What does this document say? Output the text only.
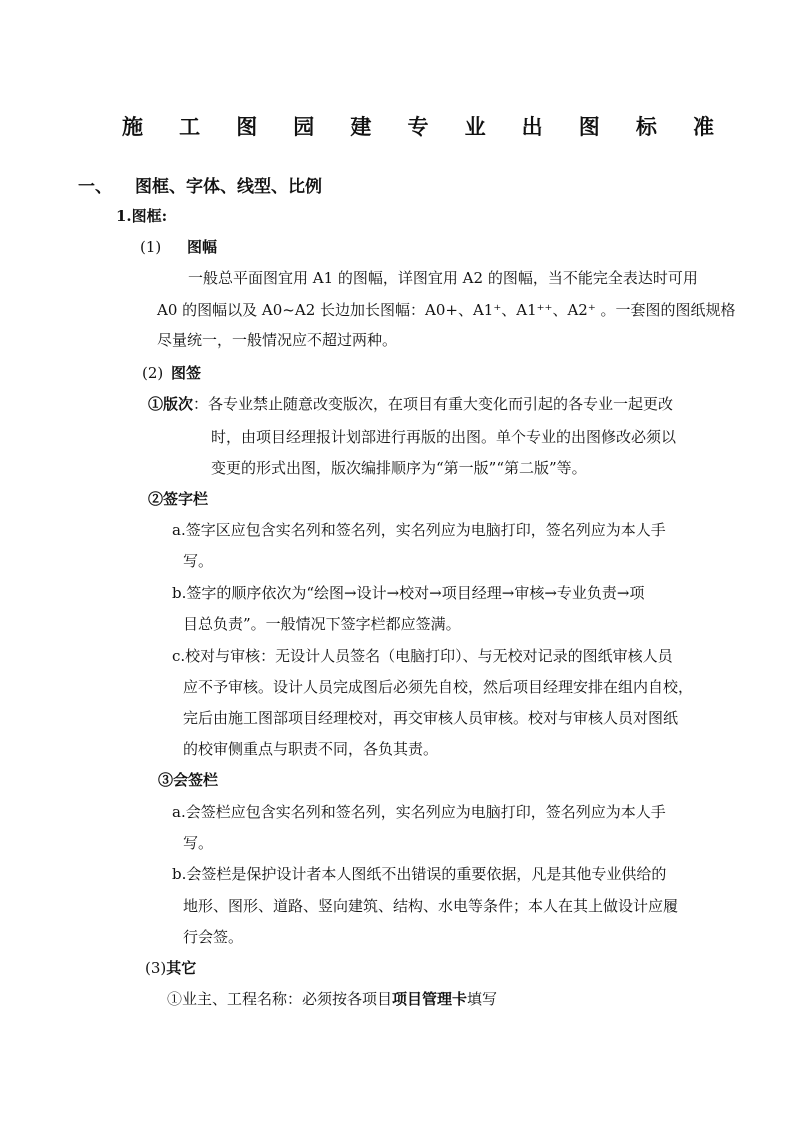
施 工 图 园 建 专 业 出 图 标 准
一、 图框、字体、线型、比例
1.图框:
(1) 图幅
一般总平面图宜用 A1 的图幅，详图宜用 A2 的图幅，当不能完全表达时可用
A0 的图幅以及 A0~A2 长边加长图幅：A0+、A1⁺、A1⁺⁺、A2⁺ 。一套图的图纸规格
尽量统一，一般情况应不超过两种。
(2) 图签
①版次：各专业禁止随意改变版次，在项目有重大变化而引起的各专业一起更改
时，由项目经理报计划部进行再版的出图。单个专业的出图修改必须以
变更的形式出图，版次编排顺序为“第一版”“第二版”等。
②签字栏
a.签字区应包含实名列和签名列，实名列应为电脑打印，签名列应为本人手
写。
b.签字的顺序依次为“绘图→设计→校对→项目经理→审核→专业负责→项
目总负责”。一般情况下签字栏都应签满。
c.校对与审核：无设计人员签名（电脑打印）、与无校对记录的图纸审核人员
应不予审核。设计人员完成图后必须先自校，然后项目经理安排在组内自校，
完后由施工图部项目经理校对，再交审核人员审核。校对与审核人员对图纸
的校审侧重点与职责不同，各负其责。
③会签栏
a.会签栏应包含实名列和签名列，实名列应为电脑打印，签名列应为本人手
写。
b.会签栏是保护设计者本人图纸不出错误的重要依据，凡是其他专业供给的
地形、图形、道路、竖向建筑、结构、水电等条件；本人在其上做设计应履
行会签。
(3)其它
①业主、工程名称：必须按各项目项目管理卡填写
